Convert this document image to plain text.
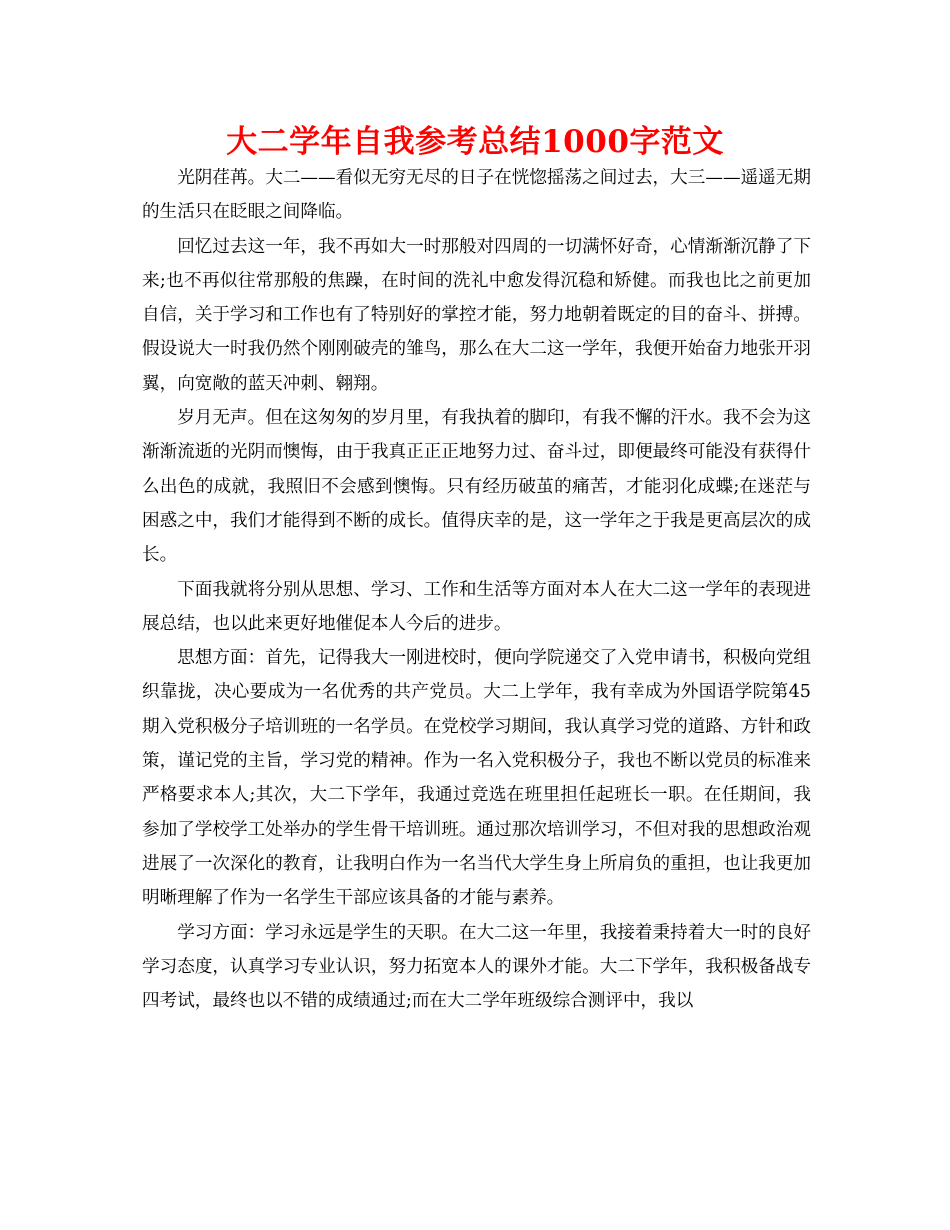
大二学年自我参考总结1000字范文

光阴荏苒。大二——看似无穷无尽的日子在恍惚摇荡之间过去，大三——遥遥无期的生活只在眨眼之间降临。

回忆过去这一年，我不再如大一时那般对四周的一切满怀好奇，心情渐渐沉静了下来;也不再似往常那般的焦躁，在时间的洗礼中愈发得沉稳和矫健。而我也比之前更加自信，关于学习和工作也有了特别好的掌控才能，努力地朝着既定的目的奋斗、拼搏。假设说大一时我仍然个刚刚破壳的雏鸟，那么在大二这一学年，我便开始奋力地张开羽翼，向宽敞的蓝天冲刺、翱翔。

岁月无声。但在这匆匆的岁月里，有我执着的脚印，有我不懈的汗水。我不会为这渐渐流逝的光阴而懊悔，由于我真正正正地努力过、奋斗过，即便最终可能没有获得什么出色的成就，我照旧不会感到懊悔。只有经历破茧的痛苦，才能羽化成蝶;在迷茫与困惑之中，我们才能得到不断的成长。值得庆幸的是，这一学年之于我是更高层次的成长。

下面我就将分别从思想、学习、工作和生活等方面对本人在大二这一学年的表现进展总结，也以此来更好地催促本人今后的进步。

思想方面：首先，记得我大一刚进校时，便向学院递交了入党申请书，积极向党组织靠拢，决心要成为一名优秀的共产党员。大二上学年，我有幸成为外国语学院第45期入党积极分子培训班的一名学员。在党校学习期间，我认真学习党的道路、方针和政策，谨记党的主旨，学习党的精神。作为一名入党积极分子，我也不断以党员的标准来严格要求本人;其次，大二下学年，我通过竞选在班里担任起班长一职。在任期间，我参加了学校学工处举办的学生骨干培训班。通过那次培训学习，不但对我的思想政治观进展了一次深化的教育，让我明白作为一名当代大学生身上所肩负的重担，也让我更加明晰理解了作为一名学生干部应该具备的才能与素养。

学习方面：学习永远是学生的天职。在大二这一年里，我接着秉持着大一时的良好学习态度，认真学习专业认识，努力拓宽本人的课外才能。大二下学年，我积极备战专四考试，最终也以不错的成绩通过;而在大二学年班级综合测评中，我以
